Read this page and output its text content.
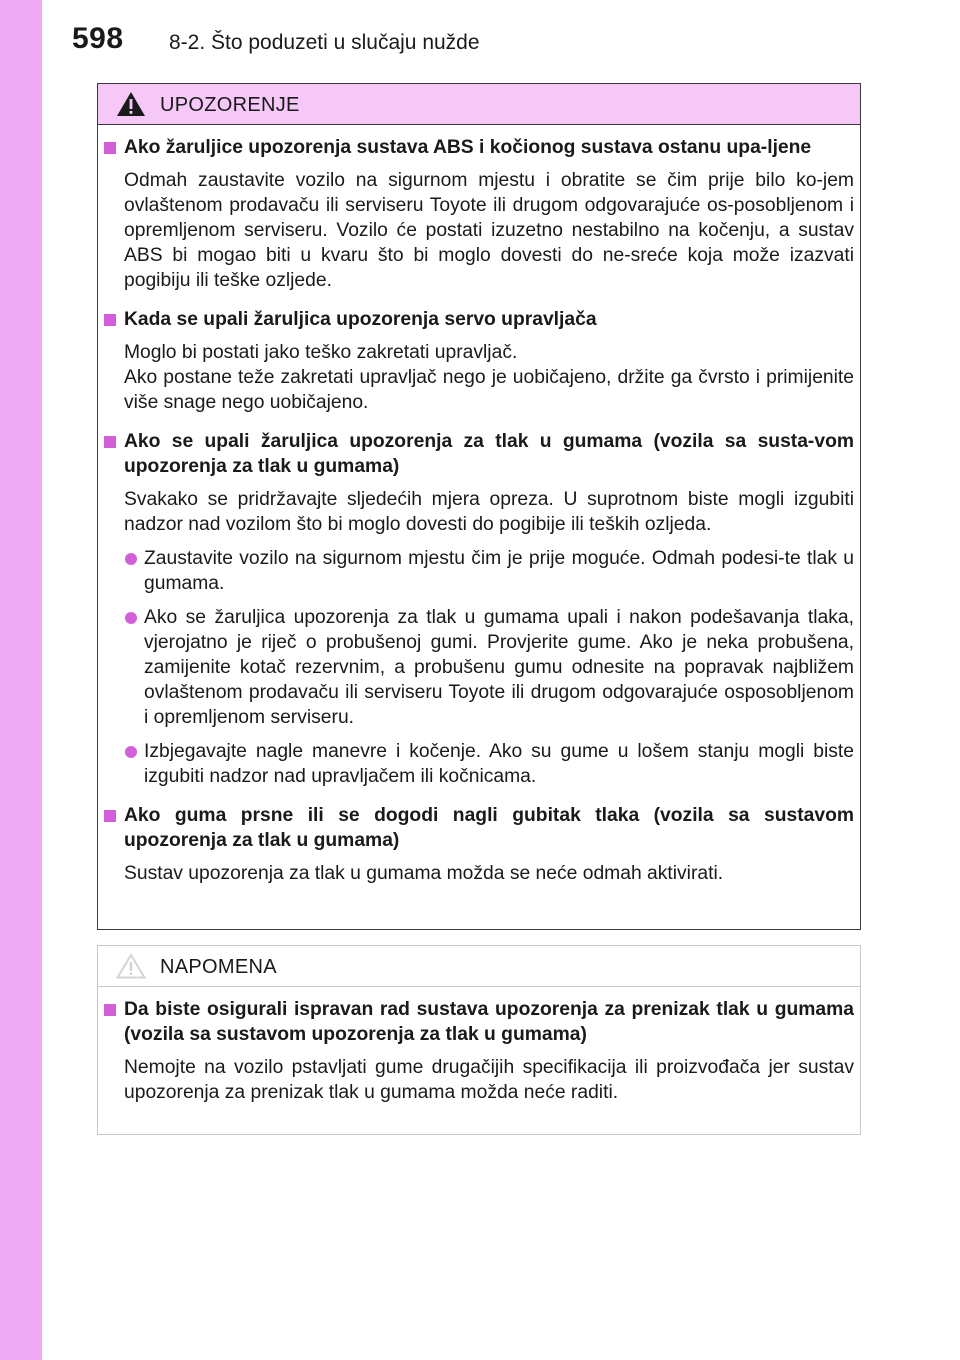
598 8-2. Što poduzeti u slučaju nužde
UPOZORENJE
Ako žaruljice upozorenja sustava ABS i kočionog sustava ostanu upa-ljene
Odmah zaustavite vozilo na sigurnom mjestu i obratite se čim prije bilo ko-jem ovlaštenom prodavaču ili serviseru Toyote ili drugom odgovarajuće os-posobljenom i opremljenom serviseru. Vozilo će postati izuzetno nestabilno na kočenju, a sustav ABS bi mogao biti u kvaru što bi moglo dovesti do ne-sreće koja može izazvati pogibiju ili teške ozljede.
Kada se upali žaruljica upozorenja servo upravljača
Moglo bi postati jako teško zakretati upravljač.
Ako postane teže zakretati upravljač nego je uobičajeno, držite ga čvrsto i primijenite više snage nego uobičajeno.
Ako se upali žaruljica upozorenja za tlak u gumama (vozila sa susta-vom upozorenja za tlak u gumama)
Svakako se pridržavajte sljedećih mjera opreza. U suprotnom biste mogli izgubiti nadzor nad vozilom što bi moglo dovesti do pogibije ili teških ozljeda.
Zaustavite vozilo na sigurnom mjestu čim je prije moguće. Odmah podesi-te tlak u gumama.
Ako se žaruljica upozorenja za tlak u gumama upali i nakon podešavanja tlaka, vjerojatno je riječ o probušenoj gumi. Provjerite gume. Ako je neka probušena, zamijenite kotač rezervnim, a probušenu gumu odnesite na popravak najbližem ovlaštenom prodavaču ili serviseru Toyote ili drugom odgovarajuće osposobljenom i opremljenom serviseru.
Izbjegavajte nagle manevre i kočenje. Ako su gume u lošem stanju mogli biste izgubiti nadzor nad upravljačem ili kočnicama.
Ako guma prsne ili se dogodi nagli gubitak tlaka (vozila sa sustavom upozorenja za tlak u gumama)
Sustav upozorenja za tlak u gumama možda se neće odmah aktivirati.
NAPOMENA
Da biste osigurali ispravan rad sustava upozorenja za prenizak tlak u gumama (vozila sa sustavom upozorenja za tlak u gumama)
Nemojte na vozilo pstavljati gume drugačijih specifikacija ili proizvođača jer sustav upozorenja za prenizak tlak u gumama možda neće raditi.
